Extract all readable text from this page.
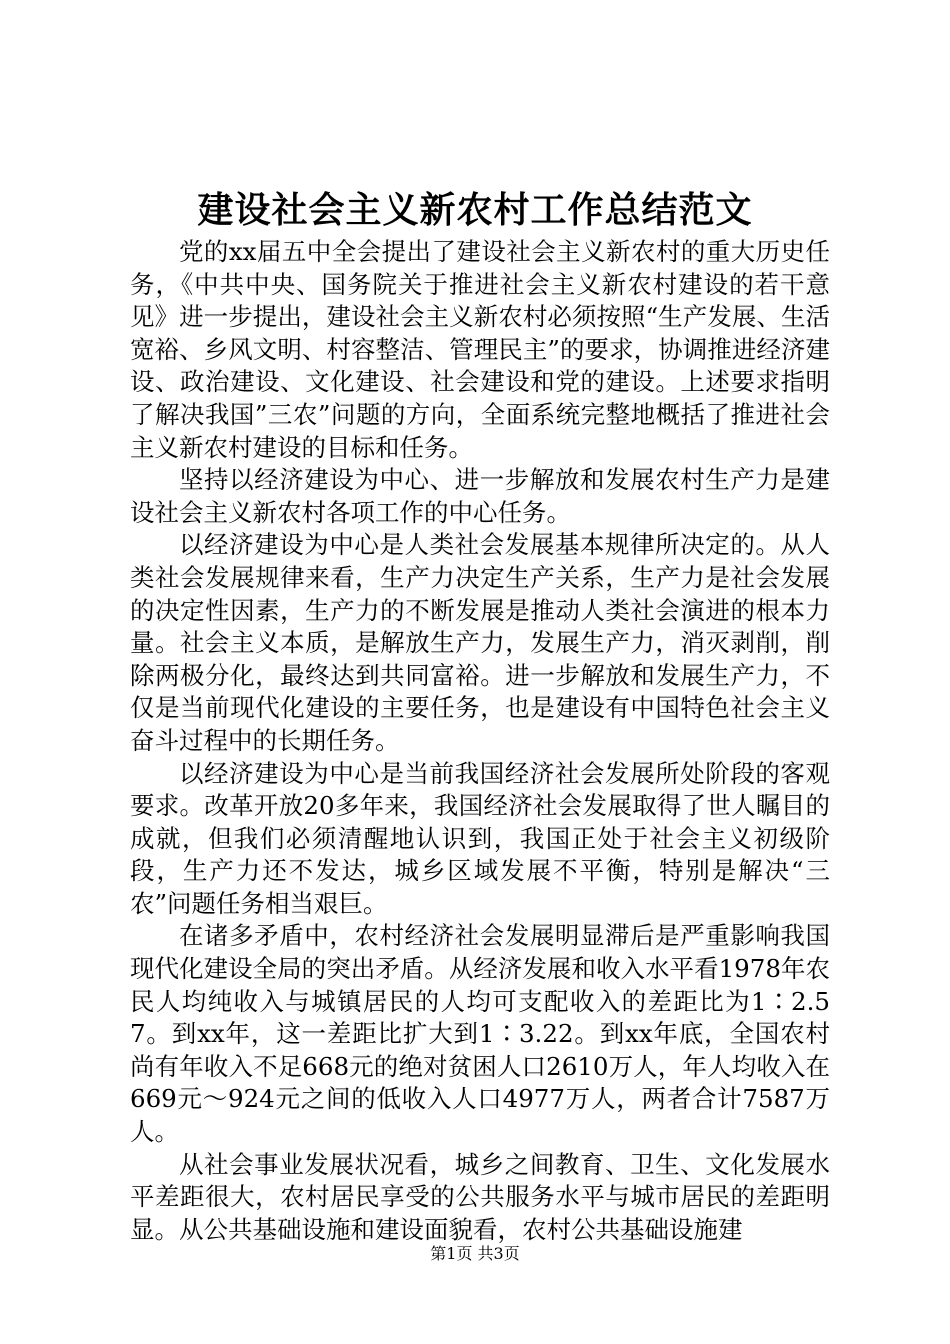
建设社会主义新农村工作总结范文

党的xx届五中全会提出了建设社会主义新农村的重大历史任务，《中共中央、国务院关于推进社会主义新农村建设的若干意见》进一步提出，建设社会主义新农村必须按照“生产发展、生活宽裕、乡风文明、村容整洁、管理民主”的要求，协调推进经济建设、政治建设、文化建设、社会建设和党的建设。上述要求指明了解决我国”三农”问题的方向，全面系统完整地概括了推进社会主义新农村建设的目标和任务。

坚持以经济建设为中心、进一步解放和发展农村生产力是建设社会主义新农村各项工作的中心任务。

以经济建设为中心是人类社会发展基本规律所决定的。从人类社会发展规律来看，生产力决定生产关系，生产力是社会发展的决定性因素，生产力的不断发展是推动人类社会演进的根本力量。社会主义本质，是解放生产力，发展生产力，消灭剥削，削除两极分化，最终达到共同富裕。进一步解放和发展生产力，不仅是当前现代化建设的主要任务，也是建设有中国特色社会主义奋斗过程中的长期任务。

以经济建设为中心是当前我国经济社会发展所处阶段的客观要求。改革开放20多年来，我国经济社会发展取得了世人瞩目的成就，但我们必须清醒地认识到，我国正处于社会主义初级阶段，生产力还不发达，城乡区域发展不平衡，特别是解决“三农”问题任务相当艰巨。

在诸多矛盾中，农村经济社会发展明显滞后是严重影响我国现代化建设全局的突出矛盾。从经济发展和收入水平看1978年农民人均纯收入与城镇居民的人均可支配收入的差距比为1∶2.57。到xx年，这一差距比扩大到1∶3.22。到xx年底，全国农村尚有年收入不足668元的绝对贫困人口2610万人，年人均收入在669元～924元之间的低收入人口4977万人，两者合计7587万人。

从社会事业发展状况看，城乡之间教育、卫生、文化发展水平差距很大，农村居民享受的公共服务水平与城市居民的差距明显。从公共基础设施和建设面貌看，农村公共基础设施建

第1页 共3页
